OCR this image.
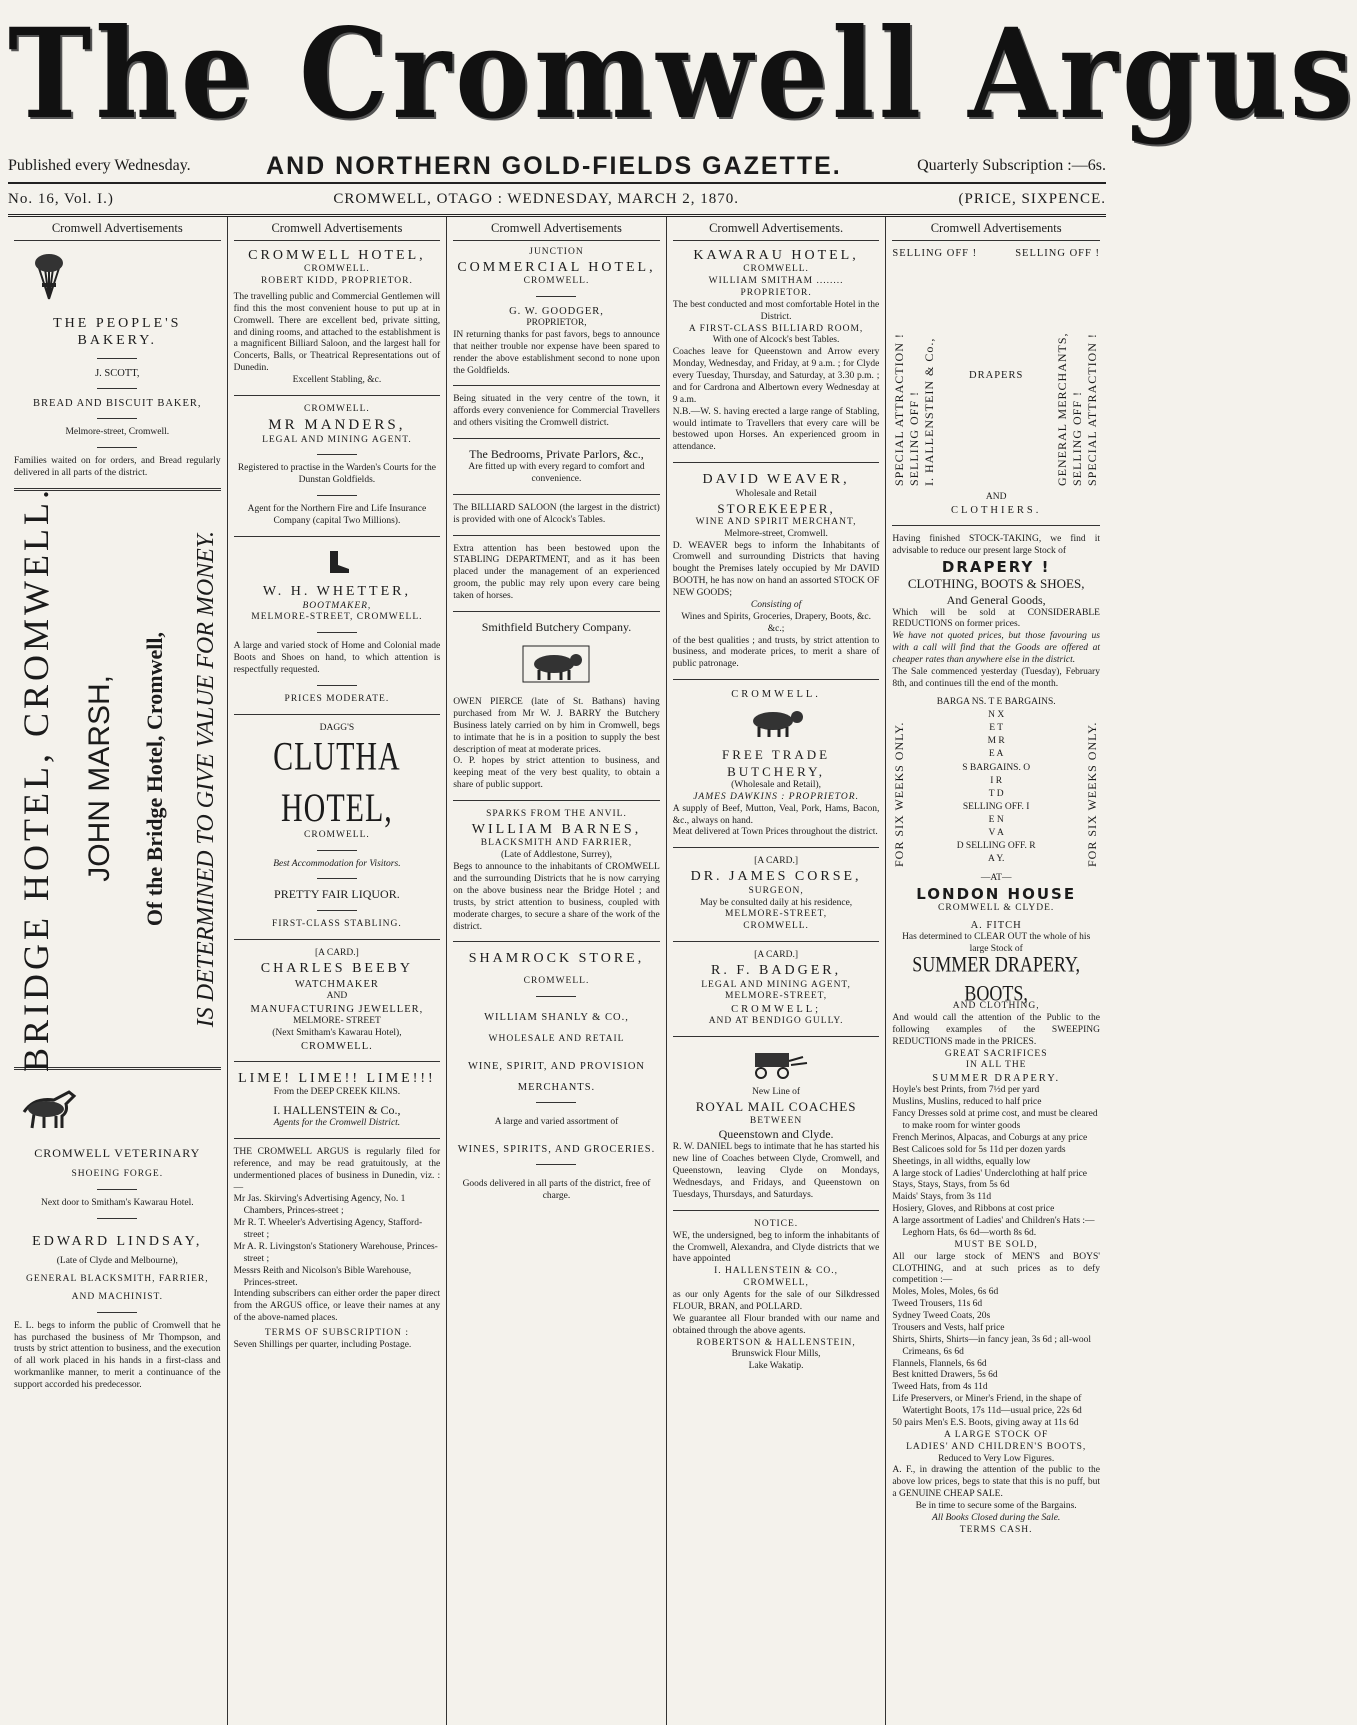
The Cromwell Argus
Published every Wednesday.	AND NORTHERN GOLD-FIELDS GAZETTE.	Quarterly Subscription :—6s.
No. 16, Vol. I.)	CROMWELL, OTAGO : WEDNESDAY, MARCH 2, 1870.	(PRICE, SIXPENCE.
Cromwell Advertisements
THE PEOPLE'S BAKERY.
J. SCOTT,
BREAD AND BISCUIT BAKER,
Melmore-street, Cromwell.
Families waited on for orders, and Bread regularly delivered in all parts of the district.
BRIDGE HOTEL, CROMWELL. JOHN MARSH, Of the Bridge Hotel, Cromwell, IS DETERMINED TO GIVE VALUE FOR MONEY.
CROMWELL VETERINARY
SHOEING FORGE.
Next door to Smitham's Kawarau Hotel.
EDWARD LINDSAY,
(Late of Clyde and Melbourne),
GENERAL BLACKSMITH, FARRIER,
AND MACHINIST.
E. L. begs to inform the public of Cromwell that he has purchased the business of Mr Thompson, and trusts by strict attention to business, and the execution of all work placed in his hands in a first-class and workmanlike manner, to merit a continuance of the support accorded his predecessor.
Cromwell Advertisements
CROMWELL HOTEL,
CROMWELL.
ROBERT KIDD, PROPRIETOR.
The travelling public and Commercial Gentlemen will find this the most convenient house to put up at in Cromwell. There are excellent bed, private sitting, and dining rooms, and attached to the establishment is a magnificent Billiard Saloon, and the largest hall for Concerts, Balls, or Theatrical Representations out of Dunedin.
Excellent Stabling, &c.
CROMWELL.
MR MANDERS,
LEGAL AND MINING AGENT.
Registered to practise in the Warden's Courts for the Dunstan Goldfields.
Agent for the Northern Fire and Life Insurance Company (capital Two Millions).
W. H. WHETTER,
BOOTMAKER,
MELMORE-STREET, CROMWELL.
A large and varied stock of Home and Colonial made Boots and Shoes on hand, to which attention is respectfully requested.
PRICES MODERATE.
DAGG'S
CLUTHA HOTEL,
CROMWELL.
Best Accommodation for Visitors.
PRETTY FAIR LIQUOR.
FIRST-CLASS STABLING.
[A CARD.]
CHARLES BEEBY
WATCHMAKER
AND
MANUFACTURING JEWELLER,
MELMORE- STREET
(Next Smitham's Kawarau Hotel),
CROMWELL.
LIME! LIME!! LIME!!!
From the DEEP CREEK KILNS.
I. HALLENSTEIN & Co.,
Agents for the Cromwell District.
THE CROMWELL ARGUS is regularly filed for reference, and may be read gratuitously, at the undermentioned places of business in Dunedin, viz. :—
Mr Jas. Skirving's Advertising Agency, No. 1 Chambers, Princes-street ;
Mr R. T. Wheeler's Advertising Agency, Stafford-street ;
Mr A. R. Livingston's Stationery Warehouse, Princes-street ;
Messrs Reith and Nicolson's Bible Warehouse, Princes-street.
Intending subscribers can either order the paper direct from the ARGUS office, or leave their names at any of the above-named places.
TERMS OF SUBSCRIPTION :
Seven Shillings per quarter, including Postage.
Cromwell Advertisements
JUNCTION
COMMERCIAL HOTEL,
CROMWELL.
G. W. GOODGER,
PROPRIETOR,
IN returning thanks for past favors, begs to announce that neither trouble nor expense have been spared to render the above establishment second to none upon the Goldfields.
Being situated in the very centre of the town, it affords every convenience for Commercial Travellers and others visiting the Cromwell district.
The Bedrooms, Private Parlors, &c.,
Are fitted up with every regard to comfort and convenience.
The BILLIARD SALOON (the largest in the district) is provided with one of Alcock's Tables.
Extra attention has been bestowed upon the STABLING DEPARTMENT, and as it has been placed under the management of an experienced groom, the public may rely upon every care being taken of horses.
Smithfield Butchery Company.
OWEN PIERCE (late of St. Bathans) having purchased from Mr W. J. BARRY the Butchery Business lately carried on by him in Cromwell, begs to intimate that he is in a position to supply the best description of meat at moderate prices.
O. P. hopes by strict attention to business, and keeping meat of the very best quality, to obtain a share of public support.
SPARKS FROM THE ANVIL.
WILLIAM BARNES,
BLACKSMITH AND FARRIER,
(Late of Addlestone, Surrey),
Begs to announce to the inhabitants of CROMWELL and the surrounding Districts that he is now carrying on the above business near the Bridge Hotel ; and trusts, by strict attention to business, coupled with moderate charges, to secure a share of the work of the district.
SHAMROCK STORE,
CROMWELL.
WILLIAM SHANLY & CO.,
WHOLESALE AND RETAIL
WINE, SPIRIT, AND PROVISION
MERCHANTS.
A large and varied assortment of
WINES, SPIRITS, AND GROCERIES.
Goods delivered in all parts of the district, free of charge.
Cromwell Advertisements.
KAWARAU HOTEL,
CROMWELL.
WILLIAM SMITHAM ........ PROPRIETOR.
The best conducted and most comfortable Hotel in the District.
A FIRST-CLASS BILLIARD ROOM,
With one of Alcock's best Tables.
Coaches leave for Queenstown and Arrow every Monday, Wednesday, and Friday, at 9 a.m. ; for Clyde every Tuesday, Thursday, and Saturday, at 3.30 p.m. ; and for Cardrona and Albertown every Wednesday at 9 a.m.
N.B.—W. S. having erected a large range of Stabling, would intimate to Travellers that every care will be bestowed upon Horses. An experienced groom in attendance.
DAVID WEAVER,
Wholesale and Retail
STOREKEEPER,
WINE AND SPIRIT MERCHANT,
Melmore-street, Cromwell.
D. WEAVER begs to inform the Inhabitants of Cromwell and surrounding Districts that having bought the Premises lately occupied by Mr DAVID BOOTH, he has now on hand an assorted STOCK OF NEW GOODS;
Consisting of
Wines and Spirits, Groceries, Drapery, Boots, &c. &c.;
of the best qualities ; and trusts, by strict attention to business, and moderate prices, to merit a share of public patronage.
CROMWELL.
FREE TRADE BUTCHERY,
(Wholesale and Retail),
JAMES DAWKINS : PROPRIETOR.
A supply of Beef, Mutton, Veal, Pork, Hams, Bacon, &c., always on hand.
Meat delivered at Town Prices throughout the district.
[A CARD.]
DR. JAMES CORSE,
SURGEON,
May be consulted daily at his residence,
MELMORE-STREET,
CROMWELL.
[A CARD.]
R. F. BADGER,
LEGAL AND MINING AGENT,
MELMORE-STREET,
CROMWELL;
AND AT BENDIGO GULLY.
New Line of
ROYAL MAIL COACHES
BETWEEN
Queenstown and Clyde.
R. W. DANIEL begs to intimate that he has started his new line of Coaches between Clyde, Cromwell, and Queenstown, leaving Clyde on Mondays, Wednesdays, and Fridays, and Queenstown on Tuesdays, Thursdays, and Saturdays.
NOTICE.
WE, the undersigned, beg to inform the inhabitants of the Cromwell, Alexandra, and Clyde districts that we have appointed
I. HALLENSTEIN & CO.,
CROMWELL,
as our only Agents for the sale of our Silkdressed FLOUR, BRAN, and POLLARD.
We guarantee all Flour branded with our name and obtained through the above agents.
ROBERTSON & HALLENSTEIN,
Brunswick Flour Mills,
Lake Wakatip.
Cromwell Advertisements
SELLING OFF !	SELLING OFF !
SPECIAL ATTRACTION ! SELLING OFF ! I. HALLENSTEIN & Co.,	DRAPERS	GENERAL MERCHANTS, SELLING OFF ! SPECIAL ATTRACTION !
AND
CLOTHIERS.
Having finished STOCK-TAKING, we find it advisable to reduce our present large Stock of
DRAPERY !
CLOTHING, BOOTS & SHOES,
And General Goods,
Which will be sold at CONSIDERABLE REDUCTIONS on former prices.
We have not quoted prices, but those favouring us with a call will find that the Goods are offered at cheaper rates than anywhere else in the district.
The Sale commenced yesterday (Tuesday), February 8th, and continues till the end of the month.
FOR SIX WEEKS ONLY.
BARGA NS. T E BARGAINS.
N X
E T
M R
E A
S BARGAINS. O
I R
T D
SELLING OFF. I
E N
V A
D SELLING OFF. R
A Y.	FOR SIX WEEKS ONLY.
—AT—
LONDON HOUSE
CROMWELL & CLYDE.
A. FITCH
Has determined to CLEAR OUT the whole of his large Stock of
SUMMER DRAPERY, BOOTS,
AND CLOTHING,
And would call the attention of the Public to the following examples of the SWEEPING REDUCTIONS made in the PRICES.
GREAT SACRIFICES
IN ALL THE
SUMMER DRAPERY.
Hoyle's best Prints, from 7½d per yard
Muslins, Muslins, reduced to half price
Fancy Dresses sold at prime cost, and must be cleared to make room for winter goods
French Merinos, Alpacas, and Coburgs at any price
Best Calicoes sold for 5s 11d per dozen yards
Sheetings, in all widths, equally low
A large stock of Ladies' Underclothing at half price
Stays, Stays, Stays, from 5s 6d
Maids' Stays, from 3s 11d
Hosiery, Gloves, and Ribbons at cost price
A large assortment of Ladies' and Children's Hats :—Leghorn Hats, 6s 6d—worth 8s 6d.
MUST BE SOLD,
All our large stock of MEN'S and BOYS' CLOTHING, and at such prices as to defy competition :—
Moles, Moles, Moles, 6s 6d
Tweed Trousers, 11s 6d
Sydney Tweed Coats, 20s
Trousers and Vests, half price
Shirts, Shirts, Shirts—in fancy jean, 3s 6d ; all-wool Crimeans, 6s 6d
Flannels, Flannels, 6s 6d
Best knitted Drawers, 5s 6d
Tweed Hats, from 4s 11d
Life Preservers, or Miner's Friend, in the shape of Watertight Boots, 17s 11d—usual price, 22s 6d
50 pairs Men's E.S. Boots, giving away at 11s 6d
A LARGE STOCK OF
LADIES' AND CHILDREN'S BOOTS,
Reduced to Very Low Figures.
A. F., in drawing the attention of the public to the above low prices, begs to state that this is no puff, but a GENUINE CHEAP SALE.
Be in time to secure some of the Bargains.
All Books Closed during the Sale.
TERMS CASH.
